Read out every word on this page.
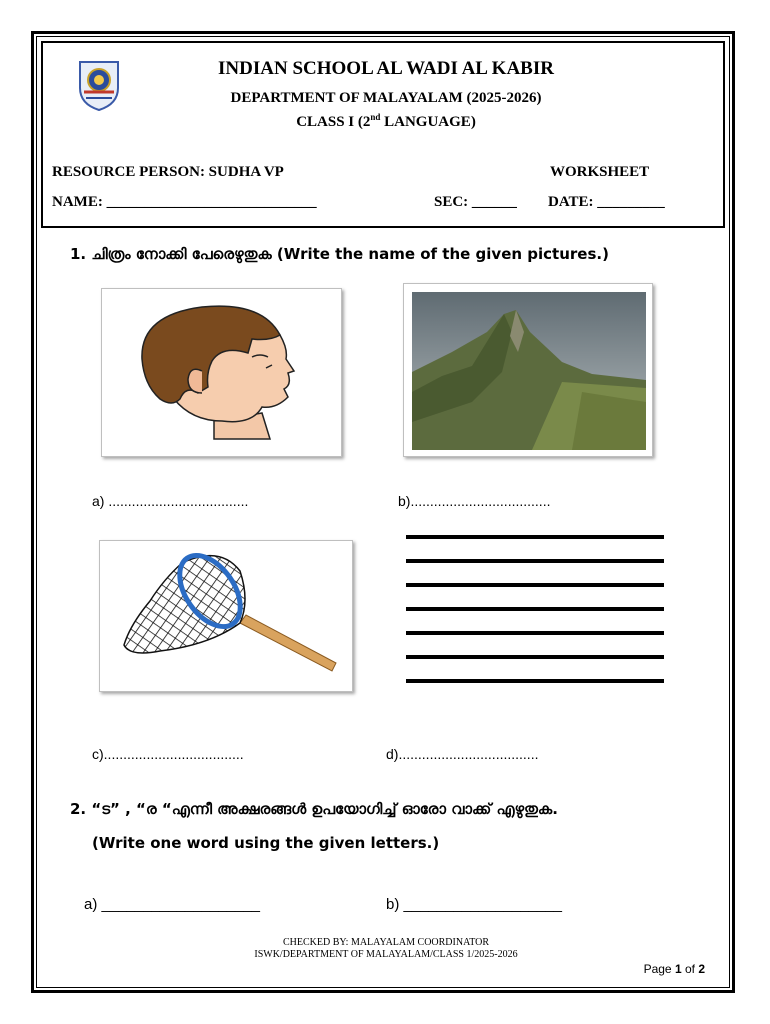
INDIAN SCHOOL AL WADI AL KABIR
DEPARTMENT OF MALAYALAM (2025-2026)
CLASS I (2nd LANGUAGE)
RESOURCE PERSON: SUDHA VP	WORKSHEET
NAME: ____________________________	SEC: ______ DATE: _________
1. ചിത്രം നോക്കി പേരെഴുതുക (Write the name of the given pictures.)
a) ....................................	b)....................................
c)....................................	d)....................................
2. “ട” , “ര “എന്നീ അക്ഷരങ്ങൾ ഉപയോഗിച്ച് ഓരോ വാക്ക് എഴുതുക.
(Write one word using the given letters.)
a) ___________________	b) ___________________
CHECKED BY: MALAYALAM COORDINATOR
ISWK/DEPARTMENT OF MALAYALAM/CLASS 1/2025-2026
Page 1 of 2
